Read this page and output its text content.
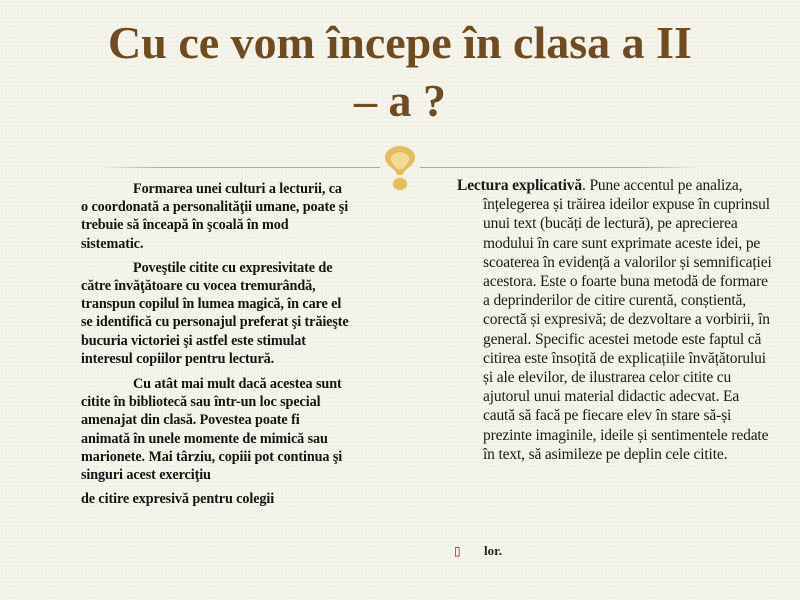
Cu ce vom începe în clasa a II
– a ?

Formarea unei culturi a lecturii, ca o coordonată a personalităţii umane, poate şi trebuie să înceapă în şcoală în mod sistematic.

Poveştile citite cu expresivitate de către învăţătoare cu vocea tremurândă, transpun copilul în lumea magică, în care el se identifică cu personajul preferat şi trăieşte bucuria victoriei şi astfel este stimulat interesul copiilor pentru lectură.

Cu atât mai mult dacă acestea sunt citite în bibliotecă sau într-un loc special amenajat din clasă. Povestea poate fi animată în unele momente de mimică sau marionete. Mai târziu, copiii pot continua şi singuri acest exerciţiu

de citire expresivă pentru colegii

Lectura explicativă. Pune accentul pe analiza, înțelegerea și trăirea ideilor expuse în cuprinsul unui text (bucăți de lectură), pe aprecierea modului în care sunt exprimate aceste idei, pe scoaterea în evidență a valorilor și semnificației acestora. Este o foarte buna metodă de formare a deprinderilor de citire curentă, conștientă, corectă și expresivă; de dezvoltare a vorbirii, în general. Specific acestei metode este faptul că citirea este însoțită de explicațiile învățătorului și ale elevilor, de ilustrarea celor citite cu ajutorul unui material didactic adecvat. Ea caută să facă pe fiecare elev în stare să-și prezinte imaginile, ideile și sentimentele redate în text, să asimileze pe deplin cele citite.

▯ lor.
